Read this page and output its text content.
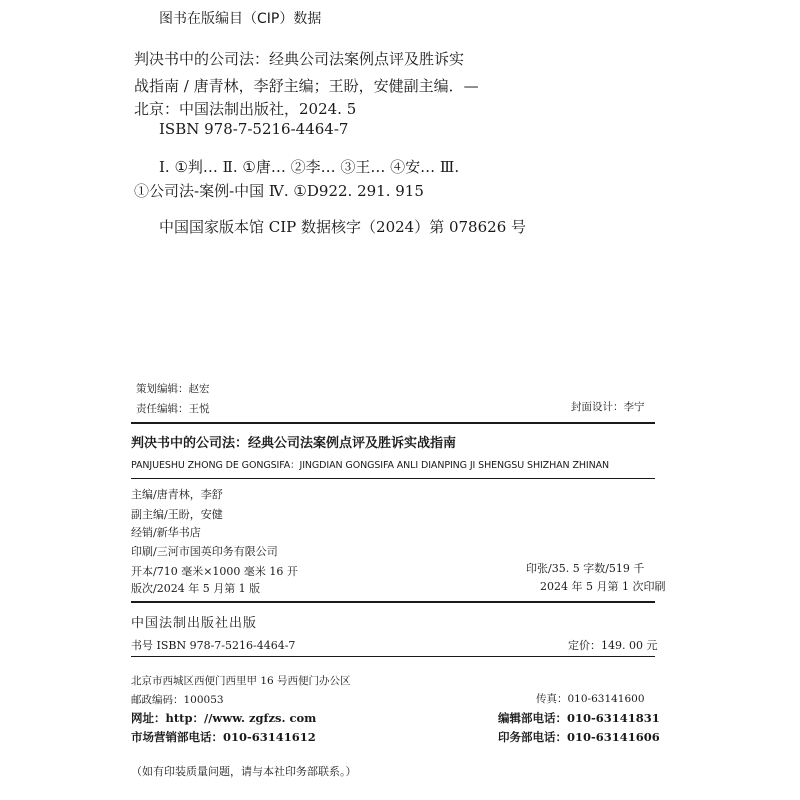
图书在版编目（CIP）数据
判决书中的公司法：经典公司法案例点评及胜诉实
战指南 / 唐青林，李舒主编；王盼，安健副主编．—
北京：中国法制出版社，2024. 5
ISBN 978-7-5216-4464-7
Ⅰ. ①判… Ⅱ. ①唐… ②李… ③王… ④安… Ⅲ.
①公司法-案例-中国 Ⅳ. ①D922. 291. 915
中国国家版本馆 CIP 数据核字（2024）第 078626 号
策划编辑：赵宏
责任编辑：王悦	封面设计：李宁
判决书中的公司法：经典公司法案例点评及胜诉实战指南
PANJUESHU ZHONG DE GONGSIFA：JINGDIAN GONGSIFA ANLI DIANPING JI SHENGSU SHIZHAN ZHINAN
主编/唐青林，李舒
副主编/王盼，安健
经销/新华书店
印刷/三河市国英印务有限公司
开本/710 毫米×1000 毫米 16 开	印张/35. 5 字数/519 千
版次/2024 年 5 月第 1 版	2024 年 5 月第 1 次印刷
中国法制出版社出版
书号 ISBN 978-7-5216-4464-7	定价：149. 00 元
北京市西城区西便门西里甲 16 号西便门办公区
邮政编码：100053	传真：010-63141600
网址：http：//www. zgfzs. com	编辑部电话：010-63141831
市场营销部电话：010-63141612	印务部电话：010-63141606
（如有印装质量问题，请与本社印务部联系。）
